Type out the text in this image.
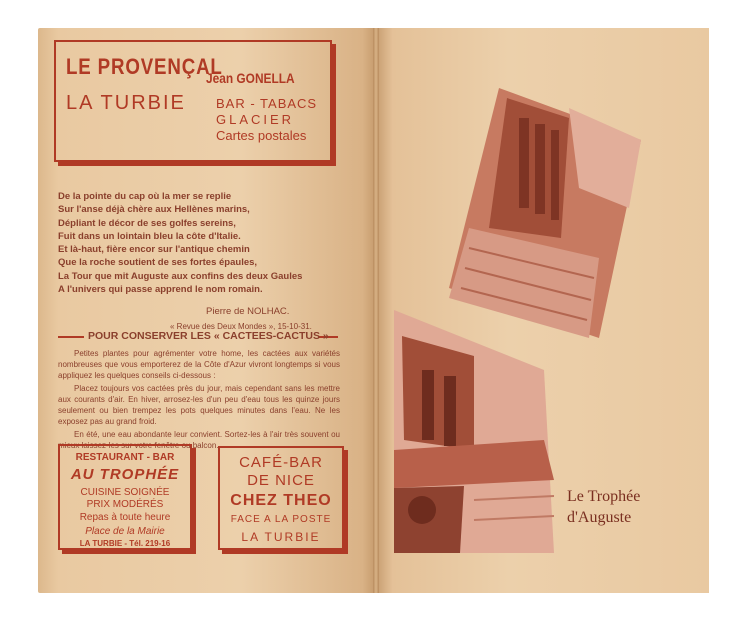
LE PROVENÇAL
LA TURBIE
Jean GONELLA
BAR - TABACS
GLACIER
Cartes postales
De la pointe du cap où la mer se replie
Sur l'anse déjà chère aux Hellènes marins,
Dépliant le décor de ses golfes sereins,
Fuit dans un lointain bleu la côte d'Italie.
Et là-haut, fière encor sur l'antique chemin
Que la roche soutient de ses fortes épaules,
La Tour que mit Auguste aux confins des deux Gaules
A l'univers qui passe apprend le nom romain.
Pierre de NOLHAC.
« Revue des Deux Mondes », 15-10-31.
POUR CONSERVER LES « CACTEES-CACTUS »

Petites plantes pour agrémenter votre home, les cactées aux variétés nombreuses que vous emporterez de la Côte d'Azur vivront longtemps si vous appliquez les quelques conseils ci-dessous :

Placez toujours vos cactées près du jour, mais cependant sans les mettre aux courants d'air. En hiver, arrosez-les d'un peu d'eau tous les quinze jours seulement ou bien trempez les pots quelques minutes dans l'eau. Ne les exposez pas au grand froid.

En été, une eau abondante leur convient. Sortez-les à l'air très souvent ou mieux laissez-les sur votre fenêtre ou balcon.

RESTAURANT - BAR
AU TROPHÉE
CUISINE SOIGNÉE
PRIX MODÉRÉS
Repas à toute heure
Place de la Mairie
LA TURBIE - Tél. 219-16
CAFÉ-BAR
DE NICE
CHEZ THEO
FACE A LA POSTE
LA TURBIE
Le Trophée
d'Auguste
